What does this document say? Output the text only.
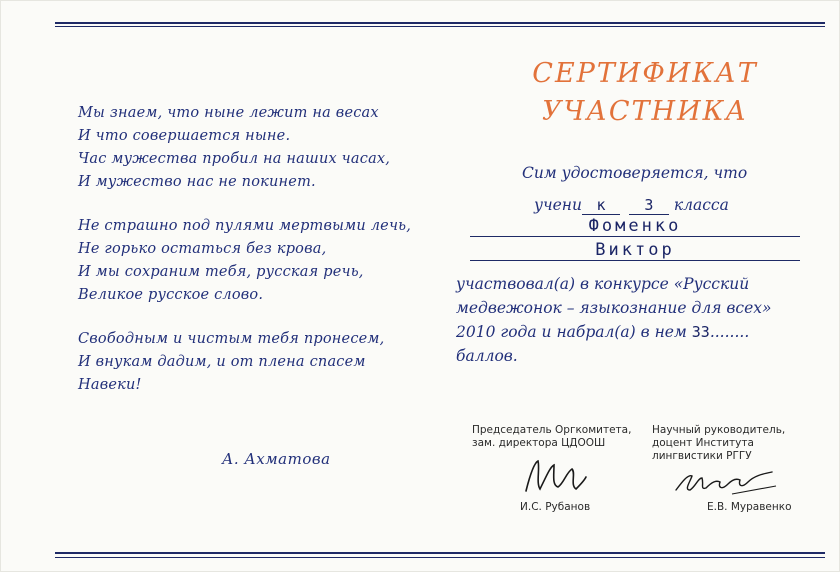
Мы знаем, что ныне лежит на весах
И что совершается ныне.
Час мужества пробил на наших часах,
И мужество нас не покинет.
Не страшно под пулями мертвыми лечь,
Не горько остаться без крова,
И мы сохраним тебя, русская речь,
Великое русское слово.
Свободным и чистым тебя пронесем,
И внукам дадим, и от плена спасем
Навеки!
А. Ахматова
СЕРТИФИКАТ
УЧАСТНИКА
Сим удостоверяется, что
учени к	3 класса
Фоменко
Виктор
участвовал(а) в конкурсе «Русский
медвежонок – языкознание для всех»
2010 года и набрал(а) в нем 33........
баллов.
Председатель Оргкомитета,
зам. директора ЦДООШ
Научный руководитель,
доцент Института
лингвистики РГГУ
И.С. Рубанов	Е.В. Муравенко
